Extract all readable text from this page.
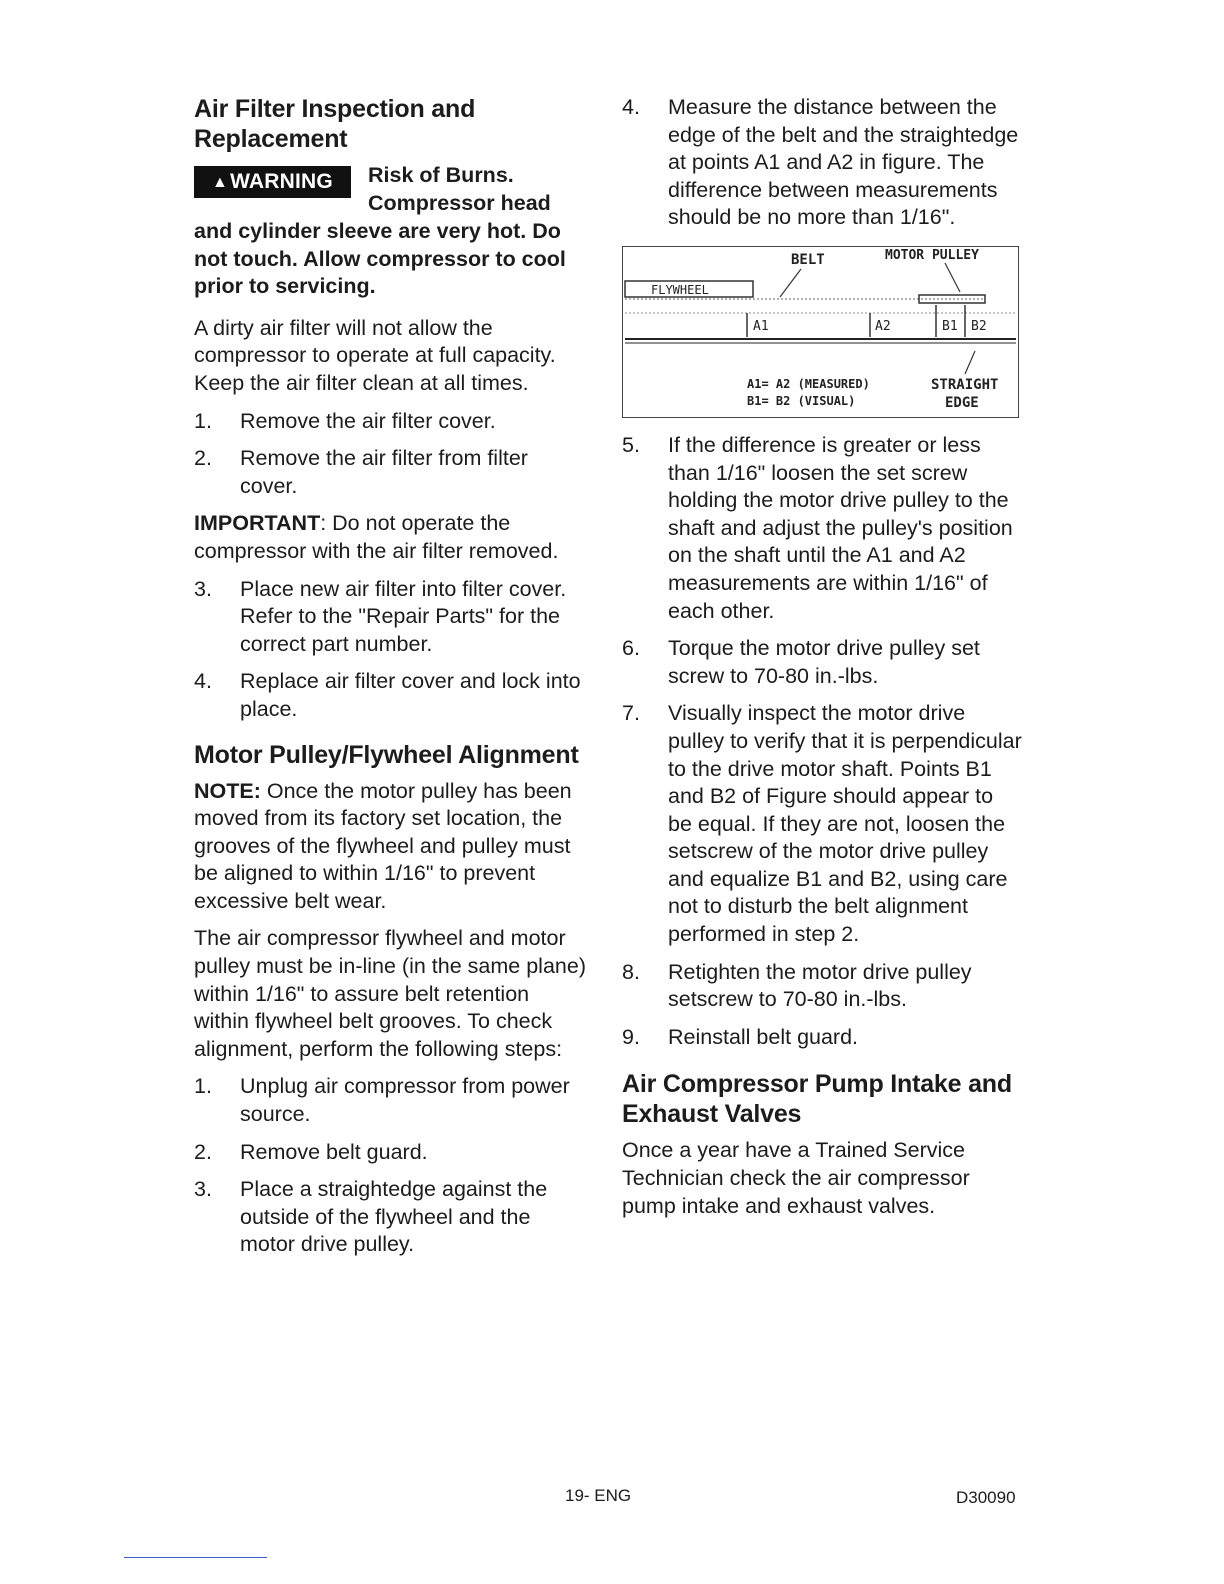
Air Filter Inspection and Replacement
▲WARNING	Risk of Burns. Compressor head
and cylinder sleeve are very hot. Do not touch. Allow compressor to cool prior to servicing.

A dirty air filter will not allow the compressor to operate at full capacity. Keep the air filter clean at all times.

1. Remove the air filter cover.
2. Remove the air filter from filter cover.

IMPORTANT: Do not operate the compressor with the air filter removed.

3. Place new air filter into filter cover. Refer to the "Repair Parts" for the correct part number.
4. Replace air filter cover and lock into place.
Motor Pulley/Flywheel Alignment

NOTE: Once the motor pulley has been moved from its factory set location, the grooves of the flywheel and pulley must be aligned to within 1/16" to prevent excessive belt wear.

The air compressor flywheel and motor pulley must be in-line (in the same plane) within 1/16" to assure belt retention within flywheel belt grooves. To check alignment, perform the following steps:

1. Unplug air compressor from power source.
2. Remove belt guard.
3. Place a straightedge against the outside of the flywheel and the motor drive pulley.
4. Measure the distance between the edge of the belt and the straightedge at points A1 and A2 in figure. The difference between measurements should be no more than 1/16".
BELT	MOTOR PULLEY
FLYWHEEL
A1	A2	B1 B2
A1= A2 (MEASURED)
B1= B2 (VISUAL)
STRAIGHT
EDGE
5. If the difference is greater or less than 1/16" loosen the set screw holding the motor drive pulley to the shaft and adjust the pulley's position on the shaft until the A1 and A2 measurements are within 1/16" of each other.
6. Torque the motor drive pulley set screw to 70-80 in.-lbs.
7. Visually inspect the motor drive pulley to verify that it is perpendicular to the drive motor shaft. Points B1 and B2 of Figure should appear to be equal. If they are not, loosen the setscrew of the motor drive pulley and equalize B1 and B2, using care not to disturb the belt alignment performed in step 2.
8. Retighten the motor drive pulley setscrew to 70-80 in.-lbs.
9. Reinstall belt guard.
Air Compressor Pump Intake and Exhaust Valves

Once a year have a Trained Service Technician check the air compressor pump intake and exhaust valves.

19- ENG	D30090
